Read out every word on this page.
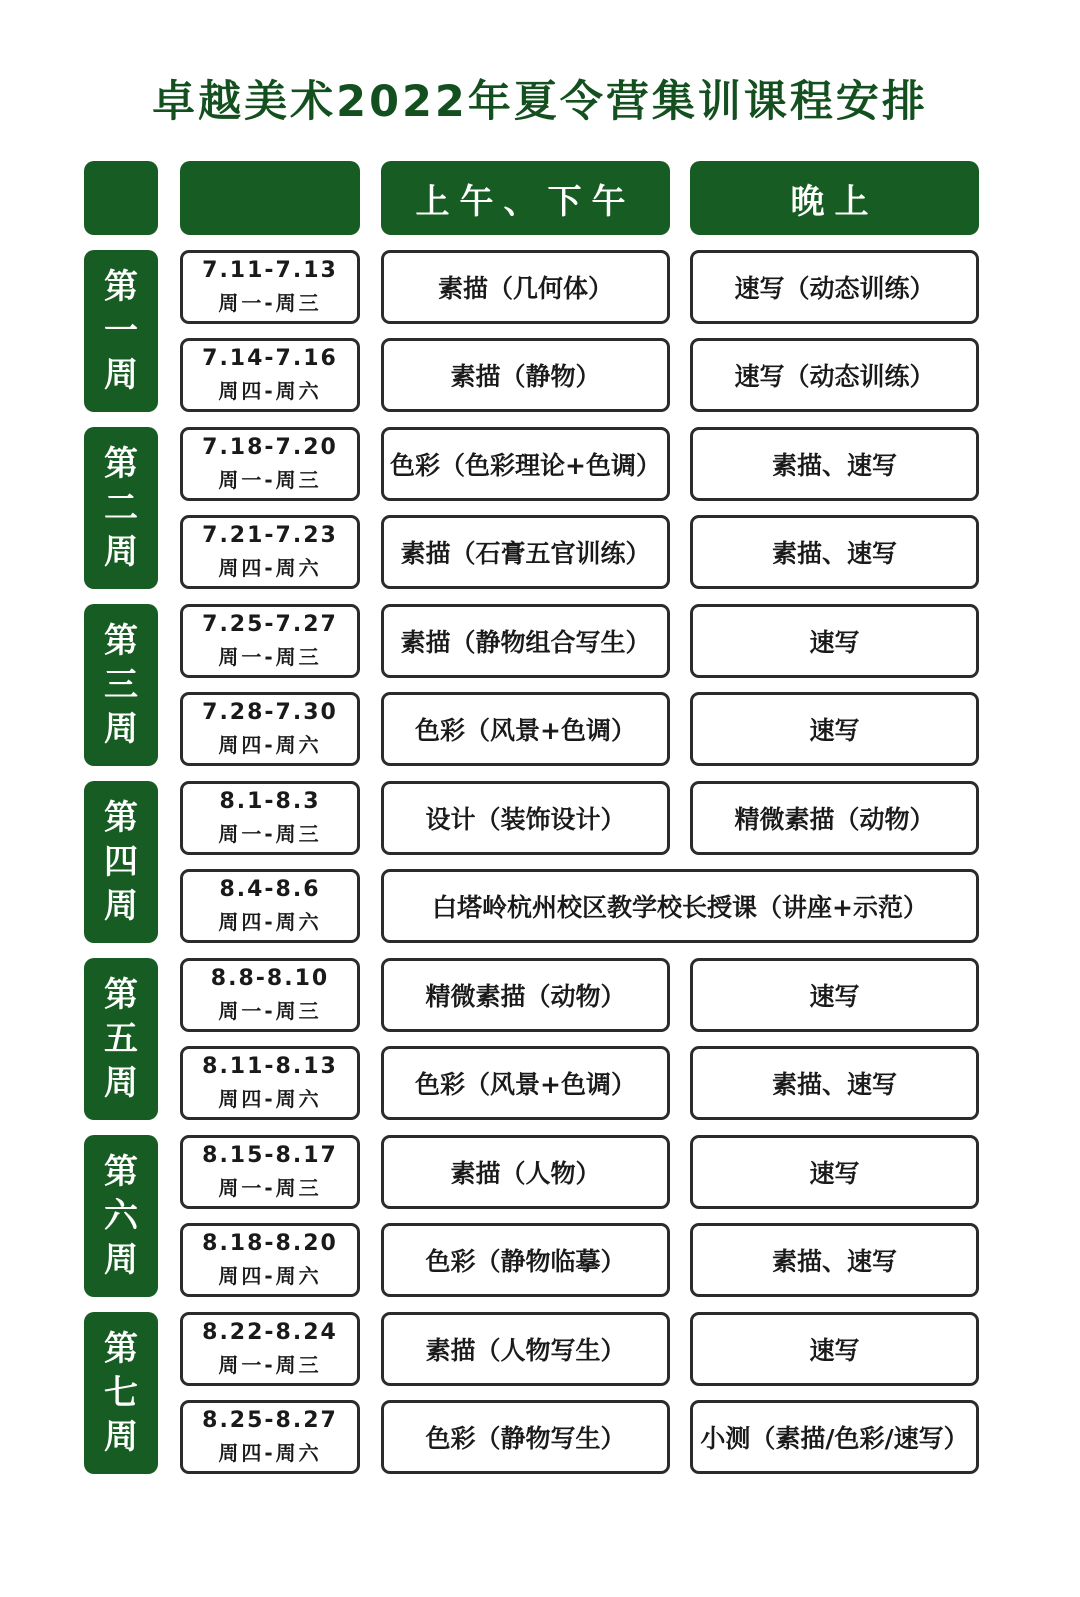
卓越美术2022年夏令营集训课程安排
上午、下午	晚上
第
一
周
7.11-7.13
周一-周三	素描（几何体）	速写（动态训练）
7.14-7.16
周四-周六	素描（静物）	速写（动态训练）
第
二
周
7.18-7.20
周一-周三	色彩（色彩理论+色调）	素描、速写
7.21-7.23
周四-周六	素描（石膏五官训练）	素描、速写
第
三
周
7.25-7.27
周一-周三	素描（静物组合写生）	速写
7.28-7.30
周四-周六	色彩（风景+色调）	速写
第
四
周
8.1-8.3
周一-周三	设计（装饰设计）	精微素描（动物）
8.4-8.6
周四-周六	白塔岭杭州校区教学校长授课（讲座+示范）
第
五
周
8.8-8.10
周一-周三	精微素描（动物）	速写
8.11-8.13
周四-周六	色彩（风景+色调）	素描、速写
第
六
周
8.15-8.17
周一-周三	素描（人物）	速写
8.18-8.20
周四-周六	色彩（静物临摹）	素描、速写
第
七
周
8.22-8.24
周一-周三	素描（人物写生）	速写
8.25-8.27
周四-周六	色彩（静物写生）	小测（素描/色彩/速写）
